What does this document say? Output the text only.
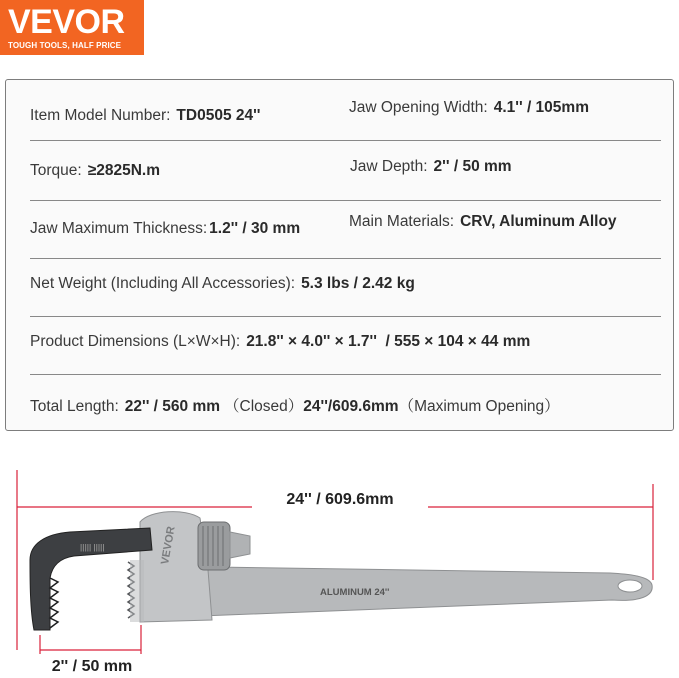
VEVOR
TOUGH TOOLS, HALF PRICE
Item Model Number: TD0505 24''	Jaw Opening Width: 4.1'' / 105mm
Torque: ≥2825N.m	Jaw Depth: 2'' / 50 mm
Jaw Maximum Thickness: 1.2'' / 30 mm	Main Materials: CRV, Aluminum Alloy
Net Weight (Including All Accessories): 5.3 lbs / 2.42 kg
Product Dimensions (L×W×H): 21.8'' × 4.0'' × 1.7''  / 555 × 104 × 44 mm
Total Length: 22'' / 560 mm （Closed）24''/609.6mm（Maximum Opening）
24'' / 609.6mm
ALUMINUM 24''
VEVOR
||||| |||||
2'' / 50 mm
